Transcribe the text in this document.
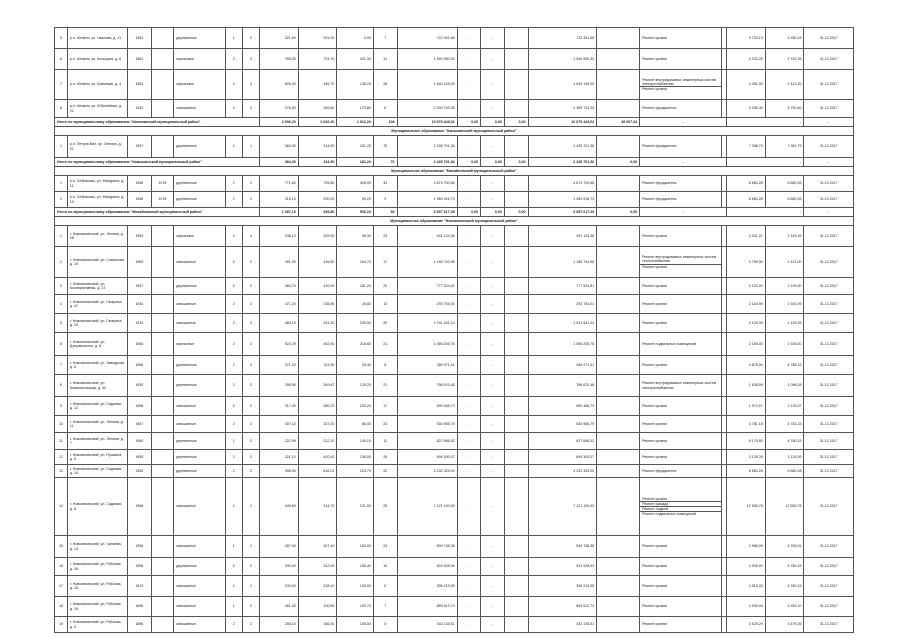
5	р.п. Иловля, ул. Чкалова, д. 11	1953		деревянные	1	2	321,60	291,00	0,00	7	722 451,66	-	-		722 451,66		Ремонт кровли		5 703,13	4 930,15	31.12.2017
6	р.п. Иловля, ул. Кольцова, д. 6	1961		кирпичные	2	2	785,00	731,70	431,30	31	1 540 950,30	-	-		1 540 950,30		Ремонт кровли		3 233,25	2 742,26	31.12.2017
7	р.п. Иловля, ул. Бахчевая, д. 4	1963		кирпичные	2	3	626,00	446,70	138,20	28	1 640 149,00	-	-		1 640 149,00		Ремонт внутридомовых инженерных систем электроснабжения
Ремонт кровли		4 451,00	2 413,20	31.12.2017
8	р.п. Иловля, ул. Юбилейная, д. 21	1930		смешанные	2	2	276,00	269,80	173,80	6	2 309 743,35	-	-		2 309 743,35		Ремонт фундамента		9 256,40	5 790,40	31.12.2017
Итого по муниципальному образованию "Иловлинский муниципальный район"							2 936,20	2 632,20	1 012,20	108	10 675 443,02	0,00	0,00	0,00	10 675 443,02	49 967,34	-		-		-
Муниципальное образование "Камышинский муниципальный район"																					
1	р.п. Петров Вал, ул. Ленина, д. 21	1957		деревянные	2	1	384,30	314,90	181,20	70	2 435 701,36	-	-		2 435 701,36		Ремонт фундамента		7 398,79	7 361,79	31.12.2017
Итого по муниципальному образованию "Камышинский муниципальный район"							384,30	314,90	181,20	70	2 435 701,36	0,00	0,00	0,00	2 435 701,36	0,00	-		-		-
Муниципальное образование "Михайловский муниципальный район"																					
1	р.п. Себряково, ул. Мичурина, д. 11	1958	1978	деревянные	2	2	771,80	705,80	416,90	33	4 673 700,66	-	-		4 673 700,66		Ремонт фундамента		6 660,28	6 660,28	31.12.2017
2	р.п. Себряково, ул. Мичурина, д. 10	1958	1978	деревянные	2	2	315,10	230,00	90,20	9	1 983 916,73	-	-		1 983 916,73		Ремонт фундамента		6 660,28	6 660,28	31.12.2017
Итого по муниципальному образованию "Михайловский муниципальный район"							1 087,10	935,80	506,10	35	6 657 617,39	0,00	0,00	0,00	6 657 617,39	0,00	-		-		-
Муниципальное образование "Новоаннинский муниципальный район"																					
1	г. Новоаннинский, ул. Ленина, д. 28	1959		кирпичные	2	4	246,10	209,50	98,30	24	491 124,36	-	-		491 124,36		Ремонт кровли		2 341,21	2 149,39	31.12.2017
2	г. Новоаннинский, ул. Советская, д. 15	1965		смешанные	2	2	491,90	416,50	164,70	17	1 185 742,96	-	-		1 185 742,96		Ремонт внутридомовых инженерных систем теплоснабжения
Ремонт кровли		2 759,30	2 421,00	31.12.2017
3	г. Новоаннинский, ул. Кооперативная, д. 13	1957		деревянные	2	2	383,70	410,00	181,20	20	777 524,81	-	-		777 524,81		Ремонт кровли		2 103,00	2 103,00	31.12.2017
4	г. Новоаннинский, ул. Гагарина, д. 47	1930		смешанные	2	2	371,20	135,85	28,80	13	293 754,01	-	-		293 754,01		Ремонт кровли		2 163,99	2 163,99	31.12.2017
5	г. Новоаннинский, ул. Гагарина, д. 19	1933		смешанные	2	2	480,10	431,30	239,00	20	1 031 541,14	-	-		1 031 541,14		Ремонт кровли		3 129,39	2 129,39	31.12.2017
6	г. Новоаннинский, ул. Дзержинского, д. 8	1965		кирпичные	2	2	522,29	452,50	218,60	21	1 065 205,76	-	-		1 065 205,76		Ремонт подвальных помещений		2 165,00	2 165,00	31.12.2017
7	г. Новоаннинский, ул. Заводская, д. 6	1966		деревянные	2	2	371,30	311,90	26,40	8	265 971,41	-	-		265 971,41		Ремонт кровли		4 878,00	4 788,15	31.12.2017
8	г. Новоаннинский, ул. Комсомольская, д. 32	1930		деревянные	2	2	395,95	349,87	125,20	21	796 670,48	-	-		796 670,48		Ремонт внутридомовых инженерных систем электроснабжения		1 638,59	1 098,28	31.12.2017
9	г. Новоаннинский, ул. Садовая, д. 12	1958		смешанные	2	2	317,40	260,20	100,20	17	590 468,73	-	-		590 468,73		Ремонт кровли		1 972,57	2 133,97	31.12.2017
10	г. Новоаннинский, ул. Ленина, д. 11	1957		смешанные	2	2	307,10	337,20	66,00	24	530 965,79	-	-		530 965,79		Ремонт кровли		3 781,16	4 783,33	31.12.2017
11	г. Новоаннинский, ул. Ленина, д. 7	1950		деревянные	1	2	222,99	212,20	140,10	11	827 666,52	-	-		827 666,52		Ремонт кровли		6 179,80	4 780,15	31.12.2017
12	г. Новоаннинский, ул. Пушкина, д. 6	1955		деревянные	2	2	321,10	420,40	136,00	26	694 300,07	-	-		694 300,07		Ремонт кровли		3 129,39	3 129,39	31.12.2017
13	г. Новоаннинский, ул. Садовая, д. 16	1955		деревянные	2	2	398,00	616,01	224,70	22	4 232 325,00	-	-		4 232 325,00		Ремонт фундамента		6 660,28	6 660,28	31.12.2017
14	г. Новоаннинский, ул. Садовая, д. 8	1968		смешанные	2	2	449,60	314,70	131,00	25	7 121 100,92	-	-		7 121 100,92		Ремонт кровли
Ремонт фасада
Ремонт лоджий
Ремонт подвальных помещений		12 555,78	12 555,78	31.12.2017
15	г. Новоаннинский, ул. Чапаева, д. 14	1956		смешанные	1	2	287,00	307,40	183,00	24	599 738,38	-	-		599 738,38		Ремонт кровли		2 966,09	4 783,91	31.12.2017
16	г. Новоаннинский, ул. Рабочая, д. 18	1956		деревянные	2	2	340,00	312,00	158,40	10	524 928,94	-	-		524 928,94		Ремонт кровли		4 935,00	4 780,15	31.12.2017
17	г. Новоаннинский, ул. Рабочая, д. 15	1913		смешанные	2	2	240,00	218,10	100,00	6	396 215,55	-	-		396 215,55		Ремонт кровли		4 515,33	4 780,15	31.12.2017
18	г. Новоаннинский, ул. Рабочая, д. 19	1896		смешанные	1	2	461,00	100,80	109,70	7	859 612,74	-	-		859 612,74		Ремонт кровли		4 930,04	4 933,10	31.12.2017
19	г. Новоаннинский, ул. Рабочая, д. 5	1896		смешанные	2	2	256,10	166,40	108,00	5	433 135,51	-	-		433 135,51		Ремонт кровли		3 529,29	3 479,26	31.12.2017
